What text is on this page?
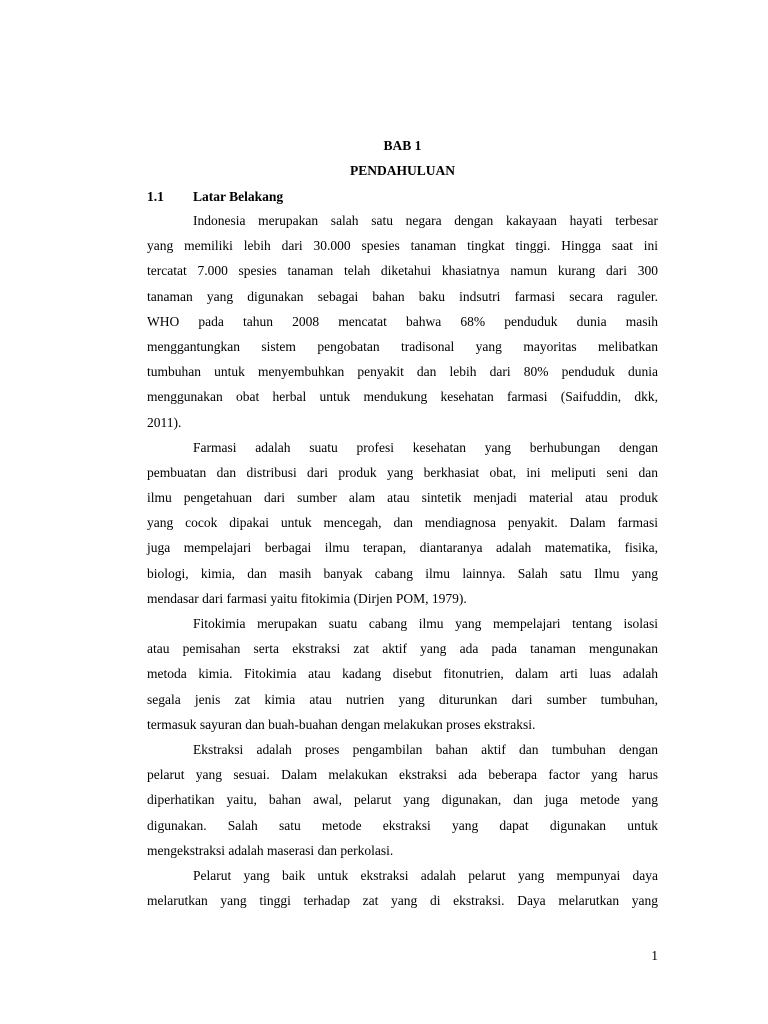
BAB 1
PENDAHULUAN
1.1 Latar Belakang
Indonesia merupakan salah satu negara dengan kakayaan hayati terbesar
yang memiliki lebih dari 30.000 spesies tanaman tingkat tinggi. Hingga saat ini
tercatat 7.000 spesies tanaman telah diketahui khasiatnya namun kurang dari 300
tanaman yang digunakan sebagai bahan baku indsutri farmasi secara raguler.
WHO pada tahun 2008 mencatat bahwa 68% penduduk dunia masih
menggantungkan sistem pengobatan tradisonal yang mayoritas melibatkan
tumbuhan untuk menyembuhkan penyakit dan lebih dari 80% penduduk dunia
menggunakan obat herbal untuk mendukung kesehatan farmasi (Saifuddin, dkk,
2011).
Farmasi adalah suatu profesi kesehatan yang berhubungan dengan
pembuatan dan distribusi dari produk yang berkhasiat obat, ini meliputi seni dan
ilmu pengetahuan dari sumber alam atau sintetik menjadi material atau produk
yang cocok dipakai untuk mencegah, dan mendiagnosa penyakit. Dalam farmasi
juga mempelajari berbagai ilmu terapan, diantaranya adalah matematika, fisika,
biologi, kimia, dan masih banyak cabang ilmu lainnya. Salah satu Ilmu yang
mendasar dari farmasi yaitu fitokimia (Dirjen POM, 1979).
Fitokimia merupakan suatu cabang ilmu yang mempelajari tentang isolasi
atau pemisahan serta ekstraksi zat aktif yang ada pada tanaman mengunakan
metoda kimia. Fitokimia atau kadang disebut fitonutrien, dalam arti luas adalah
segala jenis zat kimia atau nutrien yang diturunkan dari sumber tumbuhan,
termasuk sayuran dan buah-buahan dengan melakukan proses ekstraksi.
Ekstraksi adalah proses pengambilan bahan aktif dan tumbuhan dengan
pelarut yang sesuai. Dalam melakukan ekstraksi ada beberapa factor yang harus
diperhatikan yaitu, bahan awal, pelarut yang digunakan, dan juga metode yang
digunakan. Salah satu metode ekstraksi yang dapat digunakan untuk
mengekstraksi adalah maserasi dan perkolasi.
Pelarut yang baik untuk ekstraksi adalah pelarut yang mempunyai daya
melarutkan yang tinggi terhadap zat yang di ekstraksi. Daya melarutkan yang
1
